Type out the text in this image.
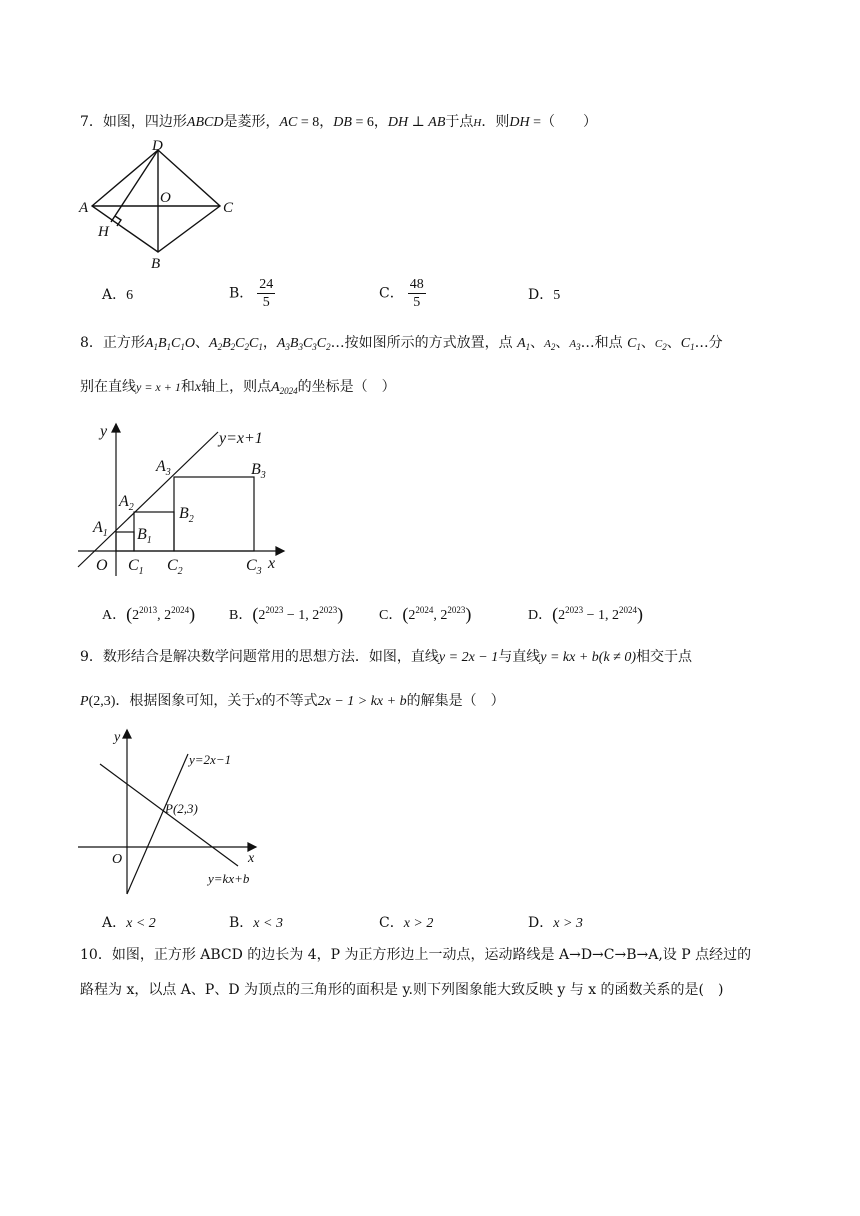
7．如图，四边形ABCD是菱形，AC = 8，DB = 6，DH ⊥ AB于点H．则DH =（　　）
D
A
O
C
H
B
A．6	B． $\frac{24}{5}$	C． $\frac{48}{5}$	D．5
8．正方形$A_1B_1C_1O$、$A_2B_2C_2C_1$，$A_3B_3C_3C_2\dots$按如图所示的方式放置，点 $A_1$、$A_2$、$A_3\dots$和点 $C_1$、$C_2$、$C_1\dots$分
别在直线y = x + 1和x轴上，则点$A_{2024}$的坐标是（　）
y	y=x+1
$A_3$	$B_3$
$A_2$	$B_2$
$A_1$ $B_1$
O $C_1$ $C_2$	$C_3$ x
A．($2^{2013}$, $2^{2024}$) B．($2^{2023} - 1$, $2^{2023}$)	C．($2^{2024}$, $2^{2023}$)	D．($2^{2023} - 1$, $2^{2024}$)
9．数形结合是解决数学问题常用的思想方法．如图，直线y = 2x − 1与直线y = kx + b(k ≠ 0)相交于点
P(2,3)．根据图象可知，关于x的不等式2x − 1 > kx + b的解集是（　）
y
y=2x−1
P(2,3)
O	x
y=kx+b
A．x < 2	B．x < 3	C．x > 2	D．x > 3
10．如图，正方形 ABCD 的边长为 4，P 为正方形边上一动点，运动路线是 A→D→C→B→A,设 P 点经过的
路程为 x，以点 A、P、D 为顶点的三角形的面积是 y.则下列图象能大致反映 y 与 x 的函数关系的是(　)
